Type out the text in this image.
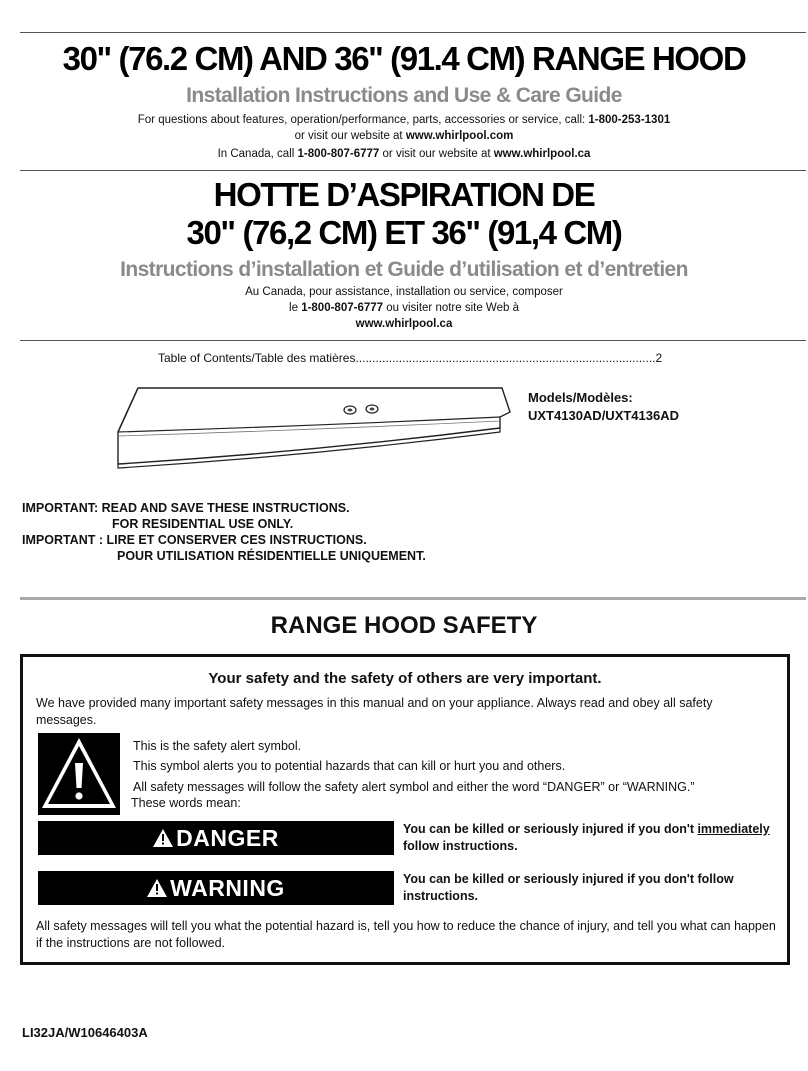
30" (76.2 CM) AND 36" (91.4 CM) RANGE HOOD
Installation Instructions and Use & Care Guide
For questions about features, operation/performance, parts, accessories or service, call: 1-800-253-1301
or visit our website at www.whirlpool.com
In Canada, call 1-800-807-6777 or visit our website at www.whirlpool.ca
HOTTE D’ASPIRATION DE
30" (76,2 CM) ET 36" (91,4 CM)
Instructions d’installation et Guide d’utilisation et d’entretien
Au Canada, pour assistance, installation ou service, composer
le 1-800-807-6777 ou visiter notre site Web à
www.whirlpool.ca
Table of Contents/Table des matières..........................................................................................2
Models/Modèles:
UXT4130AD/UXT4136AD
IMPORTANT: READ AND SAVE THESE INSTRUCTIONS.
FOR RESIDENTIAL USE ONLY.
IMPORTANT : LIRE ET CONSERVER CES INSTRUCTIONS.
POUR UTILISATION RÉSIDENTIELLE UNIQUEMENT.
RANGE HOOD SAFETY
Your safety and the safety of others are very important.
We have provided many important safety messages in this manual and on your appliance. Always read and obey all safety messages.
This is the safety alert symbol.
This symbol alerts you to potential hazards that can kill or hurt you and others.
All safety messages will follow the safety alert symbol and either the word “DANGER” or “WARNING.”
These words mean:
DANGER	You can be killed or seriously injured if you don't immediately
follow instructions.
WARNING	You can be killed or seriously injured if you don't follow
instructions.
All safety messages will tell you what the potential hazard is, tell you how to reduce the chance of injury, and tell you what can happen if the instructions are not followed.
LI32JA/W10646403A
